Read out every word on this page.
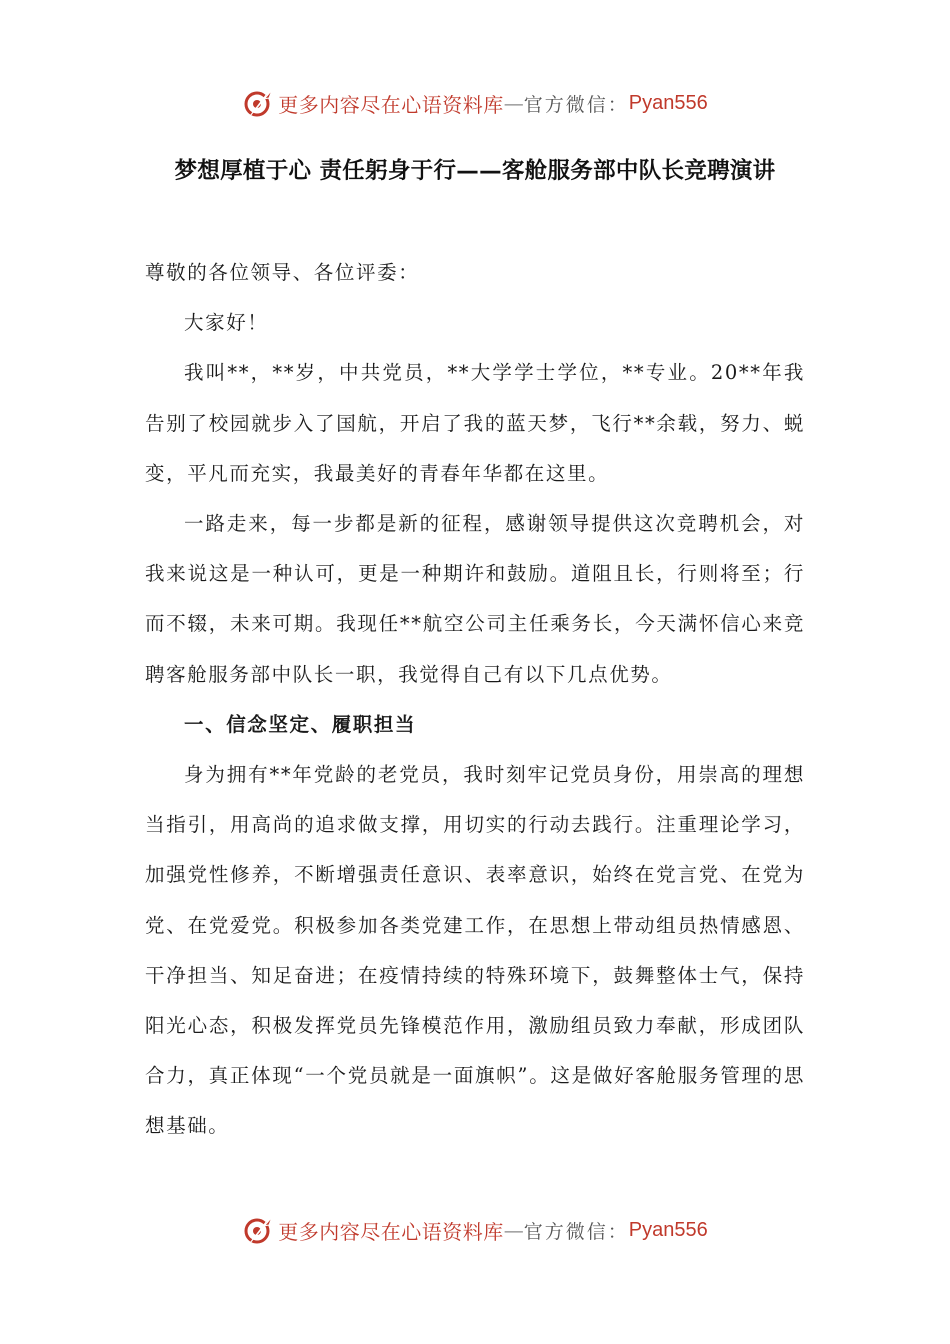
更多内容尽在心语资料库 — 官方微信： Pyan556
梦想厚植于心 责任躬身于行——客舱服务部中队长竞聘演讲

尊敬的各位领导、各位评委：

大家好！

我叫**，**岁，中共党员，**大学学士学位，**专业。20**年我告别了校园就步入了国航，开启了我的蓝天梦，飞行**余载，努力、蜕变，平凡而充实，我最美好的青春年华都在这里。

一路走来，每一步都是新的征程，感谢领导提供这次竞聘机会，对我来说这是一种认可，更是一种期许和鼓励。道阻且长，行则将至；行而不辍，未来可期。我现任**航空公司主任乘务长，今天满怀信心来竞聘客舱服务部中队长一职，我觉得自己有以下几点优势。

一、信念坚定、履职担当

身为拥有**年党龄的老党员，我时刻牢记党员身份，用崇高的理想当指引，用高尚的追求做支撑，用切实的行动去践行。注重理论学习，加强党性修养，不断增强责任意识、表率意识，始终在党言党、在党为党、在党爱党。积极参加各类党建工作，在思想上带动组员热情感恩、干净担当、知足奋进；在疫情持续的特殊环境下，鼓舞整体士气，保持阳光心态，积极发挥党员先锋模范作用，激励组员致力奉献，形成团队合力，真正体现“一个党员就是一面旗帜”。这是做好客舱服务管理的思想基础。

更多内容尽在心语资料库 — 官方微信： Pyan556
